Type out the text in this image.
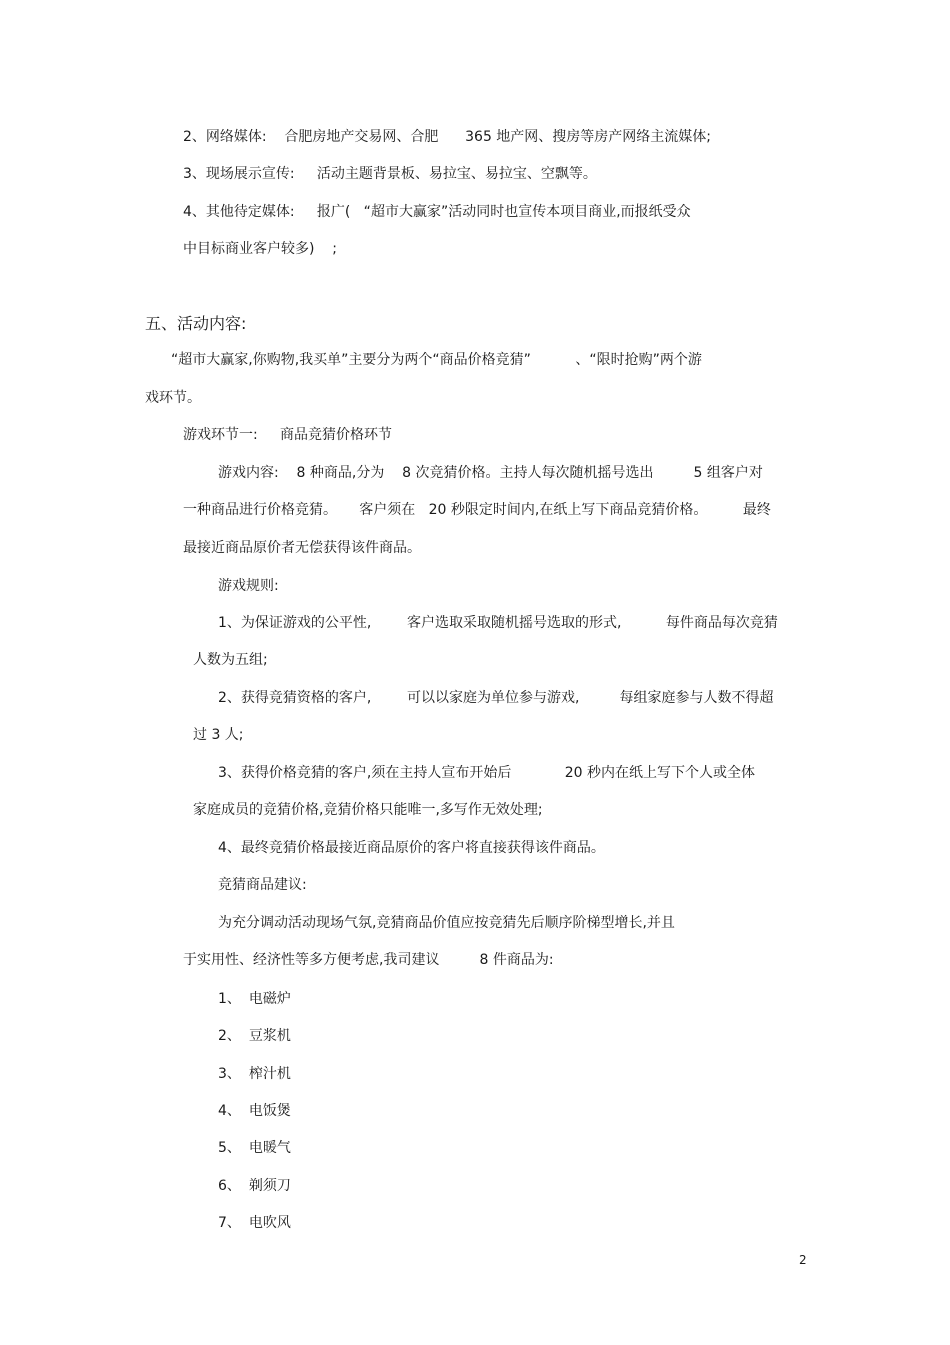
2、网络媒体:    合肥房地产交易网、合肥      365 地产网、搜房等房产网络主流媒体;
3、现场展示宣传:     活动主题背景板、易拉宝、易拉宝、空飘等。
4、其他待定媒体:     报广(   “超市大赢家”活动同时也宣传本项目商业,而报纸受众
中目标商业客户较多)    ;
五、活动内容:
“超市大赢家,你购物,我买单”主要分为两个“商品价格竞猜”          、“限时抢购”两个游
戏环节。
游戏环节一:     商品竞猜价格环节
游戏内容:    8 种商品,分为    8 次竞猜价格。主持人每次随机摇号选出         5 组客户对
一种商品进行价格竞猜。     客户须在   20 秒限定时间内,在纸上写下商品竞猜价格。        最终
最接近商品原价者无偿获得该件商品。
游戏规则:
1、为保证游戏的公平性,        客户选取采取随机摇号选取的形式,          每件商品每次竞猜
人数为五组;
2、获得竞猜资格的客户,        可以以家庭为单位参与游戏,         每组家庭参与人数不得超
过 3 人;
3、获得价格竞猜的客户,须在主持人宣布开始后            20 秒内在纸上写下个人或全体
家庭成员的竞猜价格,竞猜价格只能唯一,多写作无效处理;
4、最终竞猜价格最接近商品原价的客户将直接获得该件商品。
竞猜商品建议:
为充分调动活动现场气氛,竞猜商品价值应按竞猜先后顺序阶梯型增长,并且
于实用性、经济性等多方便考虑,我司建议         8 件商品为:
1、 电磁炉
2、 豆浆机
3、 榨汁机
4、 电饭煲
5、 电暖气
6、 剃须刀
7、 电吹风
2
